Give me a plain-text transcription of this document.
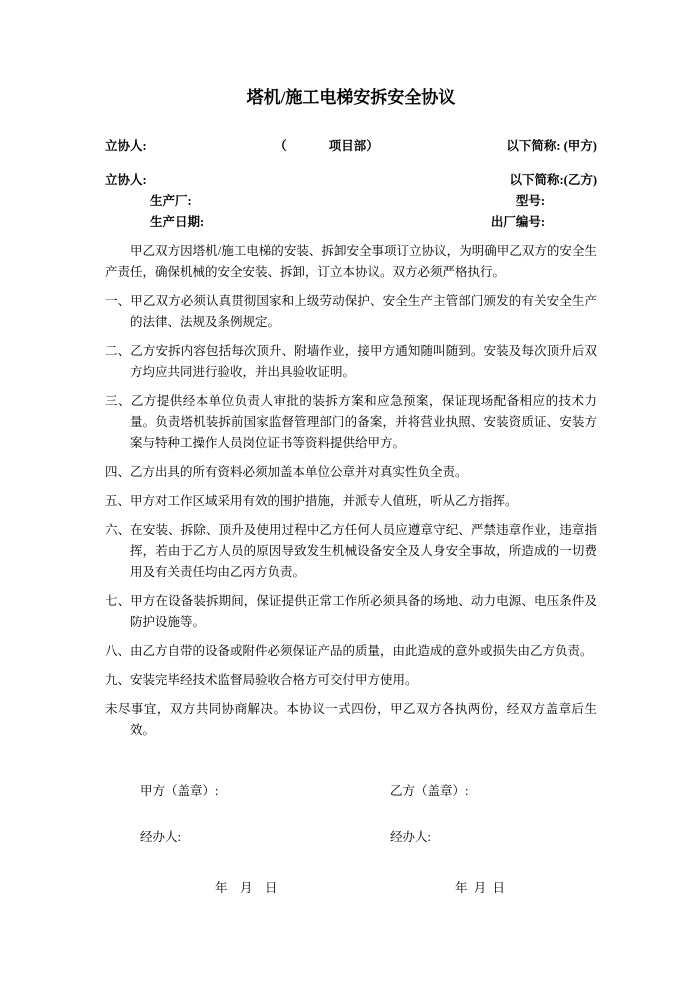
塔机/施工电梯安拆安全协议
立协人:	（	项目部）	以下简称: (甲方)
立协人:	以下简称:(乙方)
生产厂:	型号:
生产日期:	出厂编号:

甲乙双方因塔机/施工电梯的安装、拆卸安全事项订立协议，为明确甲乙双方的安全生产责任，确保机械的安全安装、拆卸，订立本协议。双方必须严格执行。

一、甲乙双方必须认真贯彻国家和上级劳动保护、安全生产主管部门颁发的有关安全生产的法律、法规及条例规定。
二、乙方安拆内容包括每次顶升、附墙作业，接甲方通知随叫随到。安装及每次顶升后双方均应共同进行验收，并出具验收证明。
三、乙方提供经本单位负责人审批的装拆方案和应急预案，保证现场配备相应的技术力量。负责塔机装拆前国家监督管理部门的备案，并将营业执照、安装资质证、安装方案与特种工操作人员岗位证书等资料提供给甲方。
四、乙方出具的所有资料必须加盖本单位公章并对真实性负全责。
五、甲方对工作区域采用有效的围护措施，并派专人值班，听从乙方指挥。
六、在安装、拆除、顶升及使用过程中乙方任何人员应遵章守纪、严禁违章作业，违章指挥，若由于乙方人员的原因导致发生机械设备安全及人身安全事故，所造成的一切费用及有关责任均由乙丙方负责。
七、甲方在设备装拆期间，保证提供正常工作所必须具备的场地、动力电源、电压条件及防护设施等。
八、由乙方自带的设备或附件必须保证产品的质量，由此造成的意外或损失由乙方负责。
九、安装完毕经技术监督局验收合格方可交付甲方使用。
未尽事宜，双方共同协商解决。本协议一式四份，甲乙双方各执两份，经双方盖章后生效。
甲方（盖章）:	乙方（盖章）:
经办人:	经办人:
年    月    日	年  月  日
